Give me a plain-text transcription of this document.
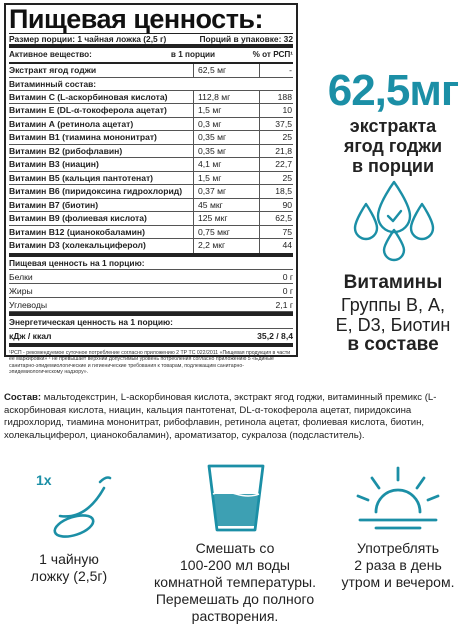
Пищевая ценность:
Размер порции: 1 чайная ложка (2,5 г)	Порций в упаковке: 32
Активное вещество:	в 1 порции	% от РСП¹
Экстракт ягод годжи	62,5 мг	-
Витаминный состав:
Витамин С (L-аскорбиновая кислота)	112,8 мг	188
Витамин E (DL-α-токоферола ацетат)	1,5 мг	10
Витамин А (ретинола ацетат)	0,3 мг	37,5
Витамин В1 (тиамина мононитрат)	0,35 мг	25
Витамин В2 (рибофлавин)	0,35 мг	21,8
Витамин В3 (ниацин)	4,1 мг	22,7
Витамин В5 (кальция пантотенат)	1,5 мг	25
Витамин В6 (пиридоксина гидрохлорид)	0,37 мг	18,5
Витамин В7 (биотин)	45 мкг	90
Витамин В9 (фолиевая кислота)	125 мкг	62,5
Витамин В12 (цианокобаламин)	0,75 мкг	75
Витамин D3 (холекальциферол)	2,2 мкг	44
Пищевая ценность на 1 порцию:
Белки	0 г
Жиры	0 г
Углеводы	2,1 г
Энергетическая ценность на 1 порцию:
кДж / ккал	35,2 / 8,4
¹РСП - рекомендуемое суточное потребление согласно приложению 2 ТР ТС 022/2011 «Пищевая продукция в части ее маркировки» ² не превышает верхний допустимый уровень потребления согласно приложению 5 «Единые санитарно-эпидемиологические и гигиенические требования к товарам, подлежащим санитарно-эпидемиологическому надзору».
62,5мг
экстракта
ягод годжи
в порции
Витамины
Группы В, А,
E, D3, Биотин
в составе
Состав: мальтодекстрин, L-аскорбиновая кислота, экстракт ягод годжи, витаминный премикс (L-аскорбиновая кислота, ниацин, кальция пантотенат, DL-α-токоферола ацетат, пиридоксина гидрохлорид, тиамина мононитрат, рибофлавин, ретинола ацетат, фолиевая кислота, биотин, холекальциферол, цианокобаламин), ароматизатор, сукралоза (подсластитель).
1x
1 чайную
ложку (2,5г)
Смешать со
100-200 мл воды
комнатной температуры.
Перемешать до полного
растворения.
Употреблять
2 раза в день
утром и вечером.
